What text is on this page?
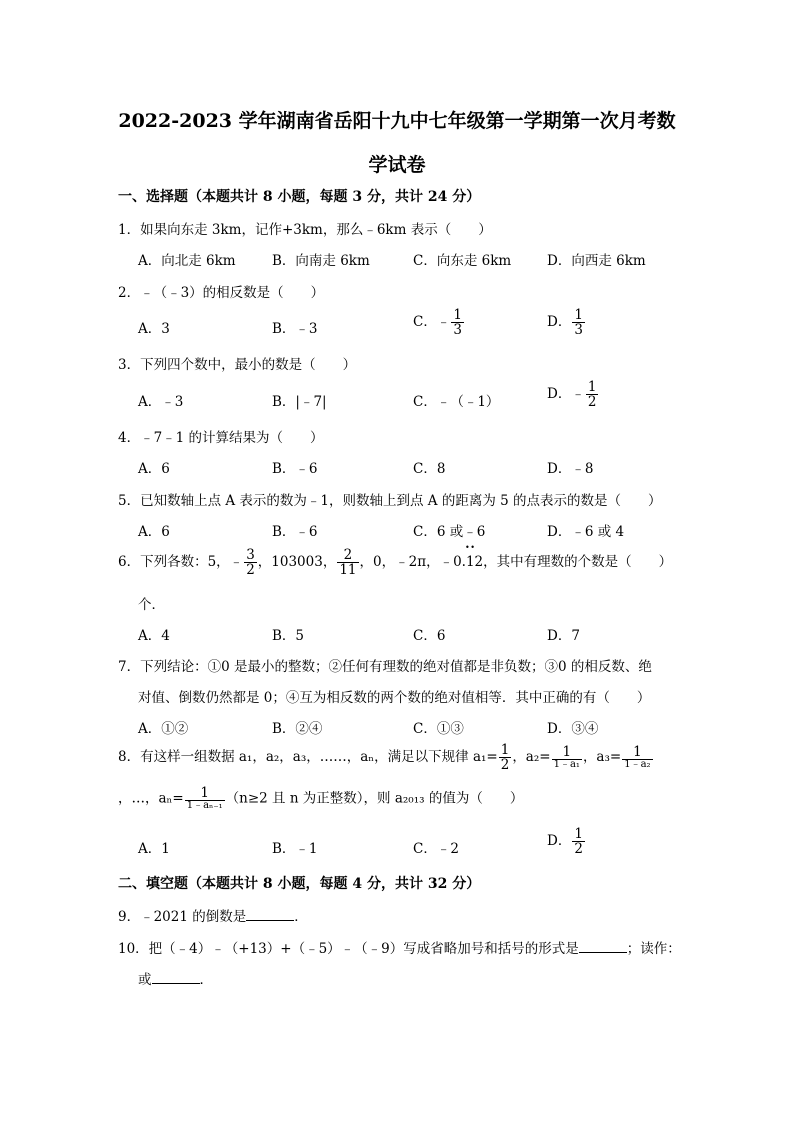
2022-2023 学年湖南省岳阳十九中七年级第一学期第一次月考数
学试卷
一、选择题（本题共计 8 小题，每题 3 分，共计 24 分）
1．如果向东走 3km，记作+3km，那么﹣6km 表示（　　）
A．向北走 6km	B．向南走 6km	C．向东走 6km	D．向西走 6km
2．﹣（﹣3）的相反数是（　　）
A．3	B．﹣3	C．﹣ $\frac{1}{3}$	D． $\frac{1}{3}$
3．下列四个数中，最小的数是（　　）
A．﹣3	B．|﹣7|	C．﹣（﹣1）	D．﹣ $\frac{1}{2}$
4．﹣7﹣1 的计算结果为（　　）
A．6	B．﹣6	C．8	D．﹣8
5．已知数轴上点 A 表示的数为﹣1，则数轴上到点 A 的距离为 5 的点表示的数是（　　）
A．6	B．﹣6	C．6 或﹣6	D．﹣6 或 4
6．下列各数：5，﹣ $\frac{3}{2}$ ，103003， $\frac{2}{11}$ ，0，﹣2π，﹣0.• • 12，其中有理数的个数是（　　）
个．
A．4	B．5	C．6	D．7
7．下列结论：①0 是最小的整数；②任何有理数的绝对值都是非负数；③0 的相反数、绝
对值、倒数仍然都是 0；④互为相反数的两个数的绝对值相等．其中正确的有（　　）
A．①②	B．②④	C．①③	D．③④
8．有这样一组数据 a₁，a₂，a₃，……，aₙ，满足以下规律 $a_1= \frac{1}{2}$ ，$a_2= \frac{1}{\text{1﹣a₁}}$ ，$a_3= \frac{1}{\text{1﹣a₂}}$
，…，$a_n= \frac{1}{\text{1﹣aₙ₋₁}} (n\ge 2$ 且 n 为正整数），则 a₂₀₁₃ 的值为（　　）
A．1	B．﹣1	C．﹣2	D． $\frac{1}{2}$
二、填空题（本题共计 8 小题，每题 4 分，共计 32 分）
9．﹣2021 的倒数是	．
10．把（﹣4）﹣（+13）+（﹣5）﹣（﹣9）写成省略加号和括号的形式是	；读作：
或	．
